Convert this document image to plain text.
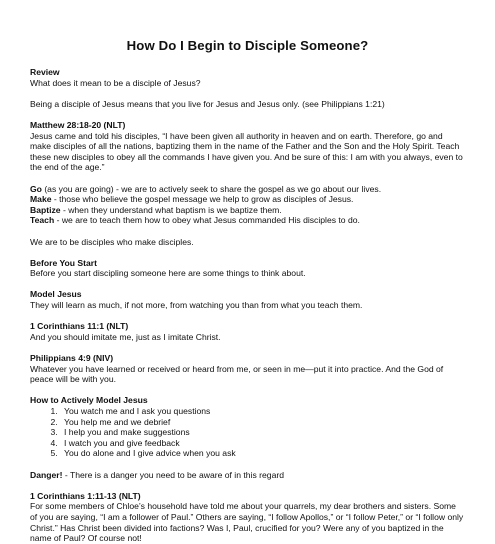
How Do I Begin to Disciple Someone?

Review

What does it mean to be a disciple of Jesus?

Being a disciple of Jesus means that you live for Jesus and Jesus only. (see Philippians 1:21)

Matthew 28:18-20 (NLT)

Jesus came and told his disciples, “I have been given all authority in heaven and on earth. Therefore, go and make disciples of all the nations, baptizing them in the name of the Father and the Son and the Holy Spirit. Teach these new disciples to obey all the commands I have given you. And be sure of this: I am with you always, even to the end of the age.”

Go (as you are going) - we are to actively seek to share the gospel as we go about our lives.

Make - those who believe the gospel message we help to grow as disciples of Jesus.

Baptize - when they understand what baptism is we baptize them.

Teach - we are to teach them how to obey what Jesus commanded His disciples to do.

We are to be disciples who make disciples.

Before You Start

Before you start discipling someone here are some things to think about.

Model Jesus

They will learn as much, if not more, from watching you than from what you teach them.

1 Corinthians 11:1 (NLT)

And you should imitate me, just as I imitate Christ.

Philippians 4:9 (NIV)

Whatever you have learned or received or heard from me, or seen in me—put it into practice. And the God of peace will be with you.

How to Actively Model Jesus

1. You watch me and I ask you questions
2. You help me and we debrief
3. I help you and make suggestions
4. I watch you and give feedback
5. You do alone and I give advice when you ask

Danger! - There is a danger you need to be aware of in this regard

1 Corinthians 1:11-13 (NLT)

For some members of Chloe’s household have told me about your quarrels, my dear brothers and sisters. Some of you are saying, “I am a follower of Paul.” Others are saying, “I follow Apollos,” or “I follow Peter,” or “I follow only Christ.” Has Christ been divided into factions? Was I, Paul, crucified for you? Were any of you baptized in the name of Paul? Of course not!
